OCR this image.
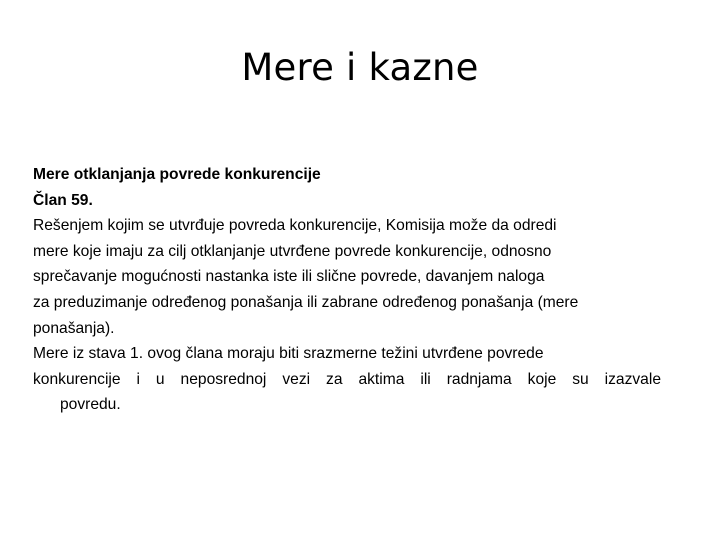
Mere i kazne
Mere otklanjanja povrede konkurencije
Član 59.
Rešenjem kojim se utvrđuje povreda konkurencije, Komisija može da odredi
mere koje imaju za cilj otklanjanje utvrđene povrede konkurencije, odnosno
sprečavanje mogućnosti nastanka iste ili slične povrede, davanjem naloga
za preduzimanje određenog ponašanja ili zabrane određenog ponašanja (mere
ponašanja).
Mere iz stava 1. ovog člana moraju biti srazmerne težini utvrđene povrede
konkurencije i u neposrednoj vezi za aktima ili radnjama koje su izazvale
povredu.
